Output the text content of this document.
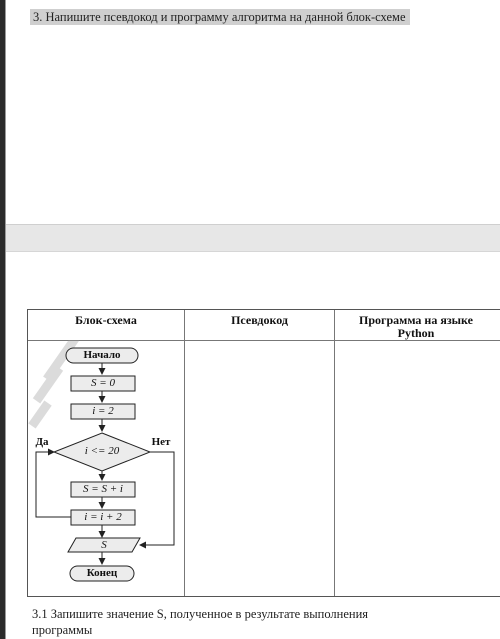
3. Напишите псевдокод и программу алгоритма на данной блок-схеме
Блок-схема	Псевдокод	Программа на языке Python
Начало
S = 0
i = 2
i <= 20
Да	Нет
S = S + i
i = i + 2
S
Конец
3.1 Запишите значение S, полученное в результате выполнения программы
